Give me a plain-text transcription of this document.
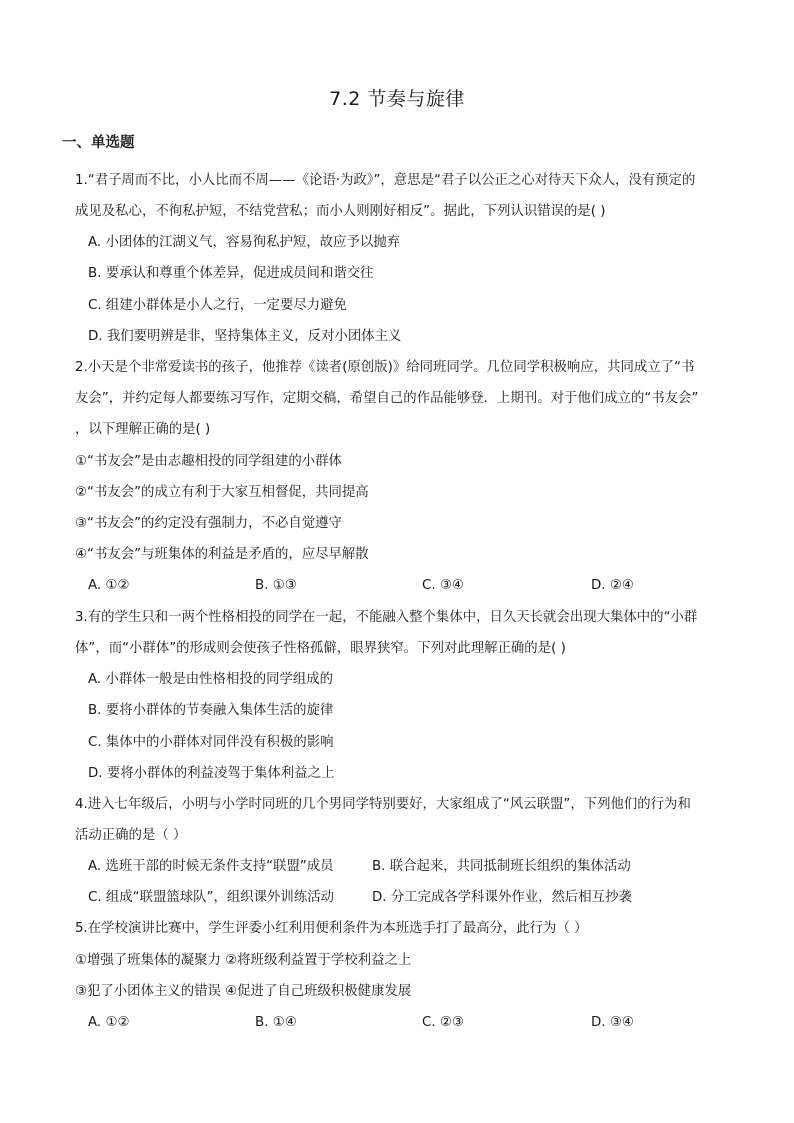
7.2 节奏与旋律
一、单选题
1.“君子周而不比，小人比而不周——《论语·为政》”，意思是“君子以公正之心对待天下众人，没有预定的
成见及私心，不徇私护短，不结党营私；而小人则刚好相反”。据此，下列认识错误的是( )
A. 小团体的江湖义气，容易徇私护短，故应予以抛弃
B. 要承认和尊重个体差异，促进成员间和谐交往
C. 组建小群体是小人之行，一定要尽力避免
D. 我们要明辨是非，坚持集体主义，反对小团体主义
2.小天是个非常爱读书的孩子，他推荐《读者(原创版)》给同班同学。几位同学积极响应，共同成立了“书
友会”，并约定每人都要练习写作，定期交稿，希望自己的作品能够登．上期刊。对于他们成立的“书友会”
，以下理解正确的是( )
①“书友会”是由志趣相投的同学组建的小群体
②“书友会”的成立有利于大家互相督促，共同提高
③“书友会”的约定没有强制力，不必自觉遵守
④“书友会”与班集体的利益是矛盾的，应尽早解散
A. ①②	B. ①③	C. ③④	D. ②④
3.有的学生只和一两个性格相投的同学在一起，不能融入整个集体中，日久天长就会出现大集体中的“小群
体”，而“小群体”的形成则会使孩子性格孤僻，眼界狭窄。下列对此理解正确的是( )
A. 小群体一般是由性格相投的同学组成的
B. 要将小群体的节奏融入集体生活的旋律
C. 集体中的小群体对同伴没有积极的影响
D. 要将小群体的利益凌驾于集体利益之上
4.进入七年级后，小明与小学时同班的几个男同学特别要好，大家组成了“风云联盟”，下列他们的行为和
活动正确的是（ ）
A. 选班干部的时候无条件支持“联盟”成员	B. 联合起来，共同抵制班长组织的集体活动
C. 组成“联盟篮球队”，组织课外训练活动	D. 分工完成各学科课外作业，然后相互抄袭
5.在学校演讲比赛中，学生评委小红利用便利条件为本班选手打了最高分，此行为（ ）
①增强了班集体的凝聚力 ②将班级利益置于学校利益之上
③犯了小团体主义的错误 ④促进了自己班级积极健康发展
A. ①②	B. ①④	C. ②③	D. ③④
